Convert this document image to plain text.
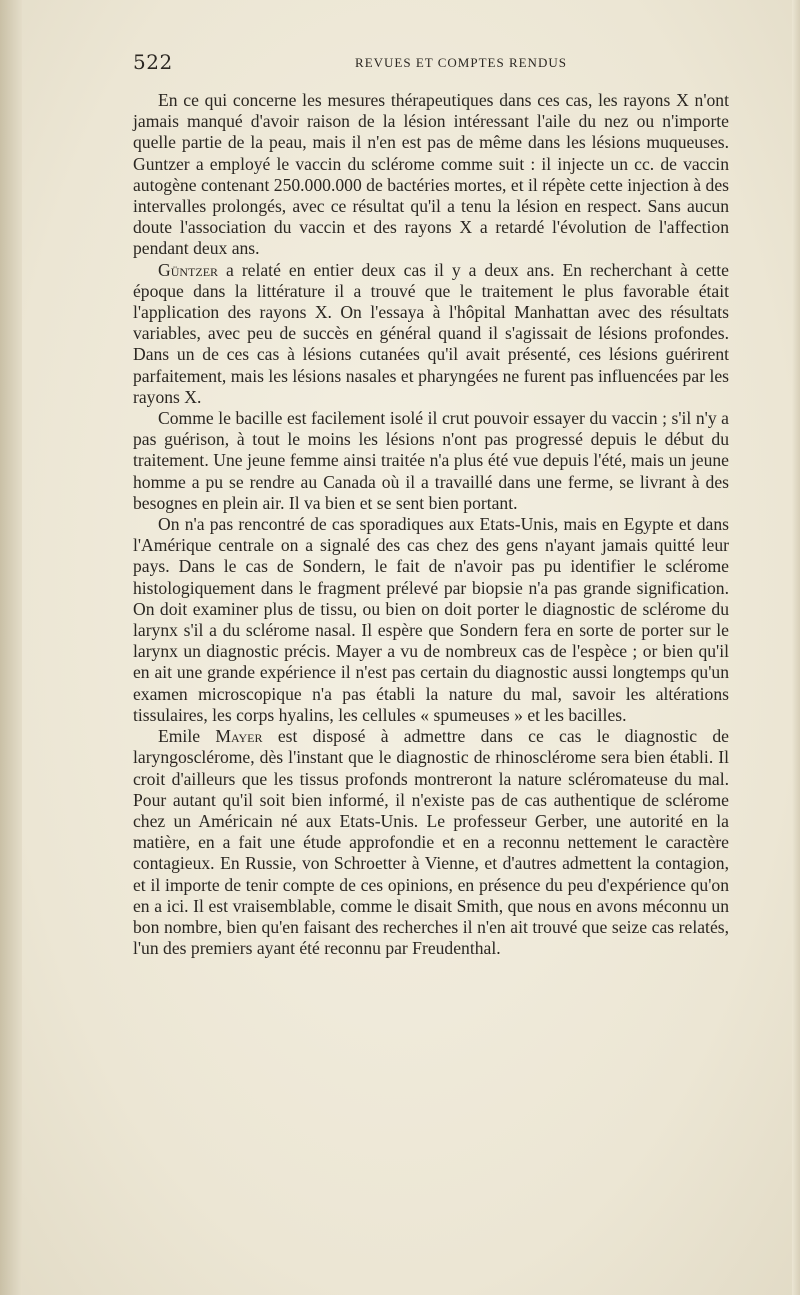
522	REVUES ET COMPTES RENDUS

En ce qui concerne les mesures thérapeutiques dans ces cas, les rayons X n'ont jamais manqué d'avoir raison de la lésion intéressant l'aile du nez ou n'importe quelle partie de la peau, mais il n'en est pas de même dans les lésions muqueuses. Guntzer a employé le vaccin du sclérome comme suit : il injecte un cc. de vaccin autogène contenant 250.000.000 de bactéries mortes, et il répète cette injection à des intervalles prolongés, avec ce résultat qu'il a tenu la lésion en respect. Sans aucun doute l'association du vaccin et des rayons X a retardé l'évolution de l'affection pendant deux ans.

Güntzer a relaté en entier deux cas il y a deux ans. En recherchant à cette époque dans la littérature il a trouvé que le traitement le plus favorable était l'application des rayons X. On l'essaya à l'hôpital Manhattan avec des résultats variables, avec peu de succès en général quand il s'agissait de lésions profondes. Dans un de ces cas à lésions cutanées qu'il avait présenté, ces lésions guérirent parfaitement, mais les lésions nasales et pharyngées ne furent pas influencées par les rayons X.

Comme le bacille est facilement isolé il crut pouvoir essayer du vaccin ; s'il n'y a pas guérison, à tout le moins les lésions n'ont pas progressé depuis le début du traitement. Une jeune femme ainsi traitée n'a plus été vue depuis l'été, mais un jeune homme a pu se rendre au Canada où il a travaillé dans une ferme, se livrant à des besognes en plein air. Il va bien et se sent bien portant.

On n'a pas rencontré de cas sporadiques aux Etats-Unis, mais en Egypte et dans l'Amérique centrale on a signalé des cas chez des gens n'ayant jamais quitté leur pays. Dans le cas de Sondern, le fait de n'avoir pas pu identifier le sclérome histologiquement dans le fragment prélevé par biopsie n'a pas grande signification. On doit examiner plus de tissu, ou bien on doit porter le diagnostic de sclérome du larynx s'il a du sclérome nasal. Il espère que Sondern fera en sorte de porter sur le larynx un diagnostic précis. Mayer a vu de nombreux cas de l'espèce ; or bien qu'il en ait une grande expérience il n'est pas certain du diagnostic aussi longtemps qu'un examen microscopique n'a pas établi la nature du mal, savoir les altérations tissulaires, les corps hyalins, les cellules « spumeuses » et les bacilles.

Emile Mayer est disposé à admettre dans ce cas le diagnostic de laryngosclérome, dès l'instant que le diagnostic de rhinosclérome sera bien établi. Il croit d'ailleurs que les tissus profonds montreront la nature scléromateuse du mal. Pour autant qu'il soit bien informé, il n'existe pas de cas authentique de sclérome chez un Américain né aux Etats-Unis. Le professeur Gerber, une autorité en la matière, en a fait une étude approfondie et en a reconnu nettement le caractère contagieux. En Russie, von Schroetter à Vienne, et d'autres admettent la contagion, et il importe de tenir compte de ces opinions, en présence du peu d'expérience qu'on en a ici. Il est vraisemblable, comme le disait Smith, que nous en avons méconnu un bon nombre, bien qu'en faisant des recherches il n'en ait trouvé que seize cas relatés, l'un des premiers ayant été reconnu par Freudenthal.
